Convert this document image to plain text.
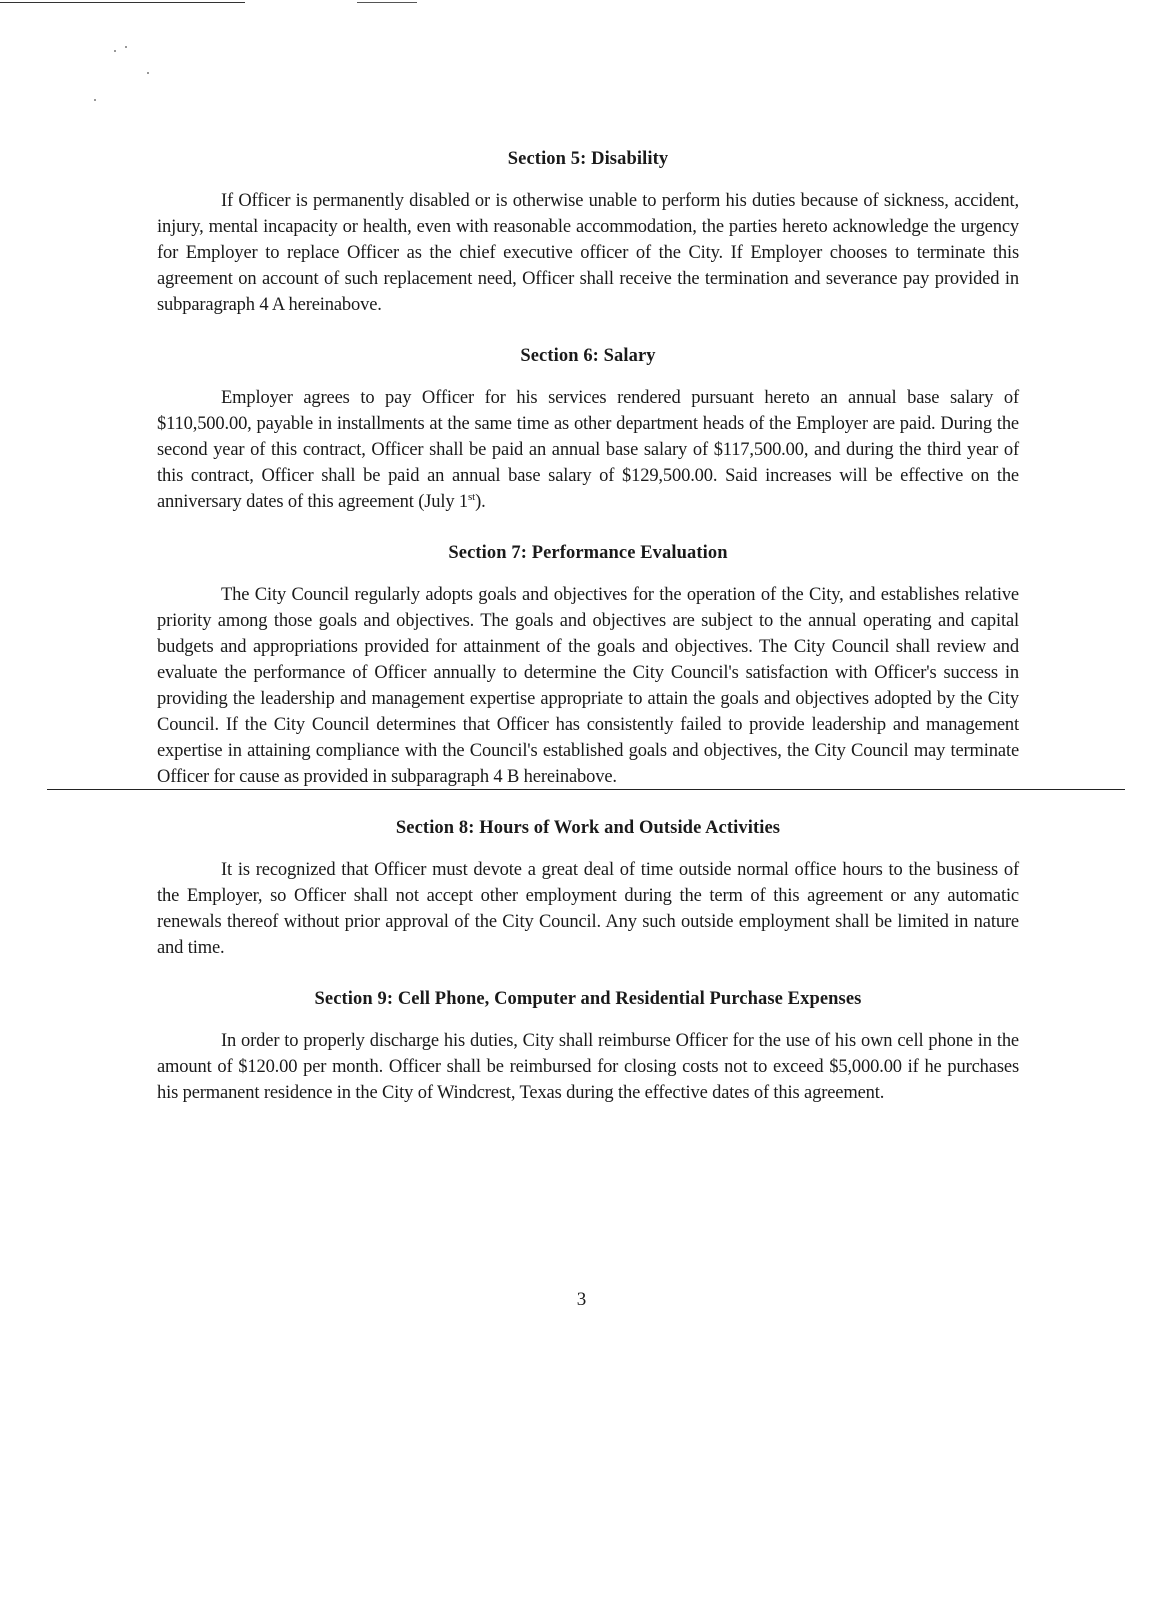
Section 5: Disability

If Officer is permanently disabled or is otherwise unable to perform his duties because of sickness, accident, injury, mental incapacity or health, even with reasonable accommodation, the parties hereto acknowledge the urgency for Employer to replace Officer as the chief executive officer of the City. If Employer chooses to terminate this agreement on account of such replacement need, Officer shall receive the termination and severance pay provided in subparagraph 4 A hereinabove.

Section 6: Salary

Employer agrees to pay Officer for his services rendered pursuant hereto an annual base salary of $110,500.00, payable in installments at the same time as other department heads of the Employer are paid. During the second year of this contract, Officer shall be paid an annual base salary of $117,500.00, and during the third year of this contract, Officer shall be paid an annual base salary of $129,500.00. Said increases will be effective on the anniversary dates of this agreement (July 1st).

Section 7: Performance Evaluation

The City Council regularly adopts goals and objectives for the operation of the City, and establishes relative priority among those goals and objectives. The goals and objectives are subject to the annual operating and capital budgets and appropriations provided for attainment of the goals and objectives. The City Council shall review and evaluate the performance of Officer annually to determine the City Council's satisfaction with Officer's success in providing the leadership and management expertise appropriate to attain the goals and objectives adopted by the City Council. If the City Council determines that Officer has consistently failed to provide leadership and management expertise in attaining compliance with the Council's established goals and objectives, the City Council may terminate Officer for cause as provided in subparagraph 4 B hereinabove.

Section 8: Hours of Work and Outside Activities

It is recognized that Officer must devote a great deal of time outside normal office hours to the business of the Employer, so Officer shall not accept other employment during the term of this agreement or any automatic renewals thereof without prior approval of the City Council. Any such outside employment shall be limited in nature and time.

Section 9: Cell Phone, Computer and Residential Purchase Expenses

In order to properly discharge his duties, City shall reimburse Officer for the use of his own cell phone in the amount of $120.00 per month. Officer shall be reimbursed for closing costs not to exceed $5,000.00 if he purchases his permanent residence in the City of Windcrest, Texas during the effective dates of this agreement.

3
